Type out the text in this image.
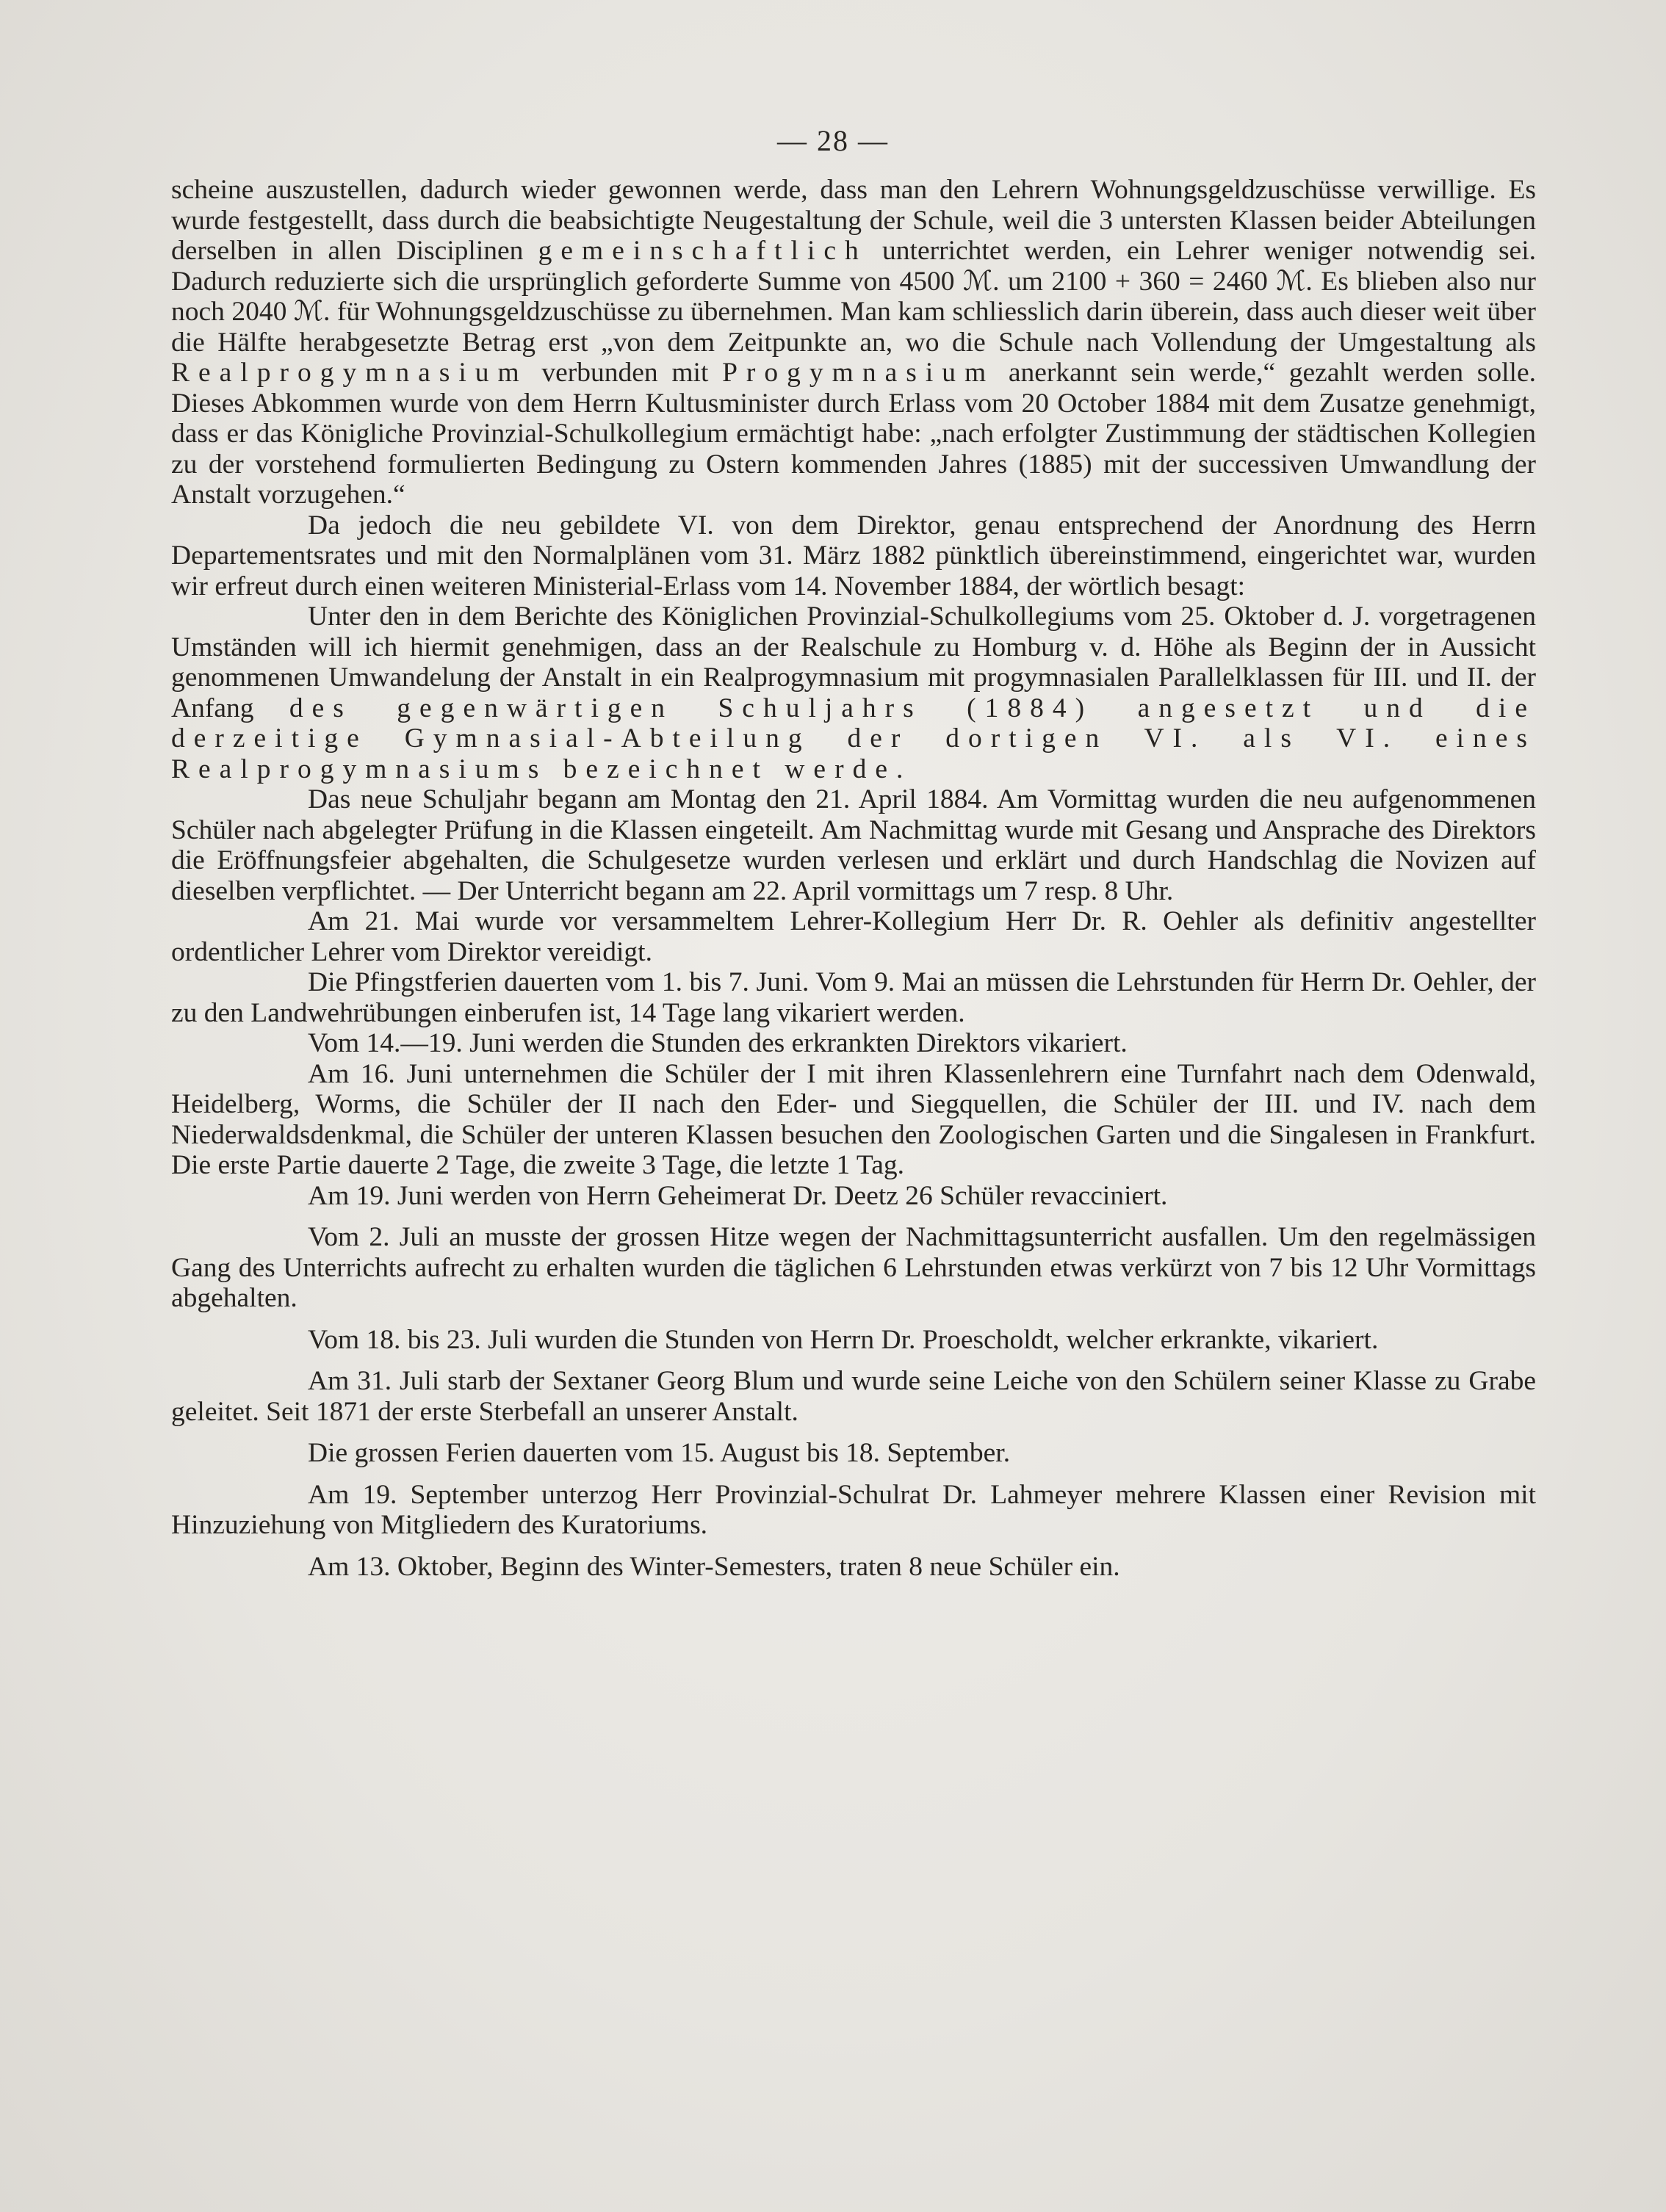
— 28 —

scheine auszustellen, dadurch wieder gewonnen werde, dass man den Lehrern Wohnungsgeldzuschüsse verwillige. Es wurde festgestellt, dass durch die beabsichtigte Neugestaltung der Schule, weil die 3 untersten Klassen beider Abteilungen derselben in allen Disciplinen gemeinschaftlich unterrichtet werden, ein Lehrer weniger notwendig sei. Dadurch reduzierte sich die ursprünglich geforderte Summe von 4500 ℳ. um 2100 + 360 = 2460 ℳ. Es blieben also nur noch 2040 ℳ. für Wohnungsgeldzuschüsse zu übernehmen. Man kam schliesslich darin überein, dass auch dieser weit über die Hälfte herabgesetzte Betrag erst „von dem Zeitpunkte an, wo die Schule nach Vollendung der Umgestaltung als Realprogymnasium verbunden mit Progymnasium anerkannt sein werde,“ gezahlt werden solle. Dieses Abkommen wurde von dem Herrn Kultusminister durch Erlass vom 20 October 1884 mit dem Zusatze genehmigt, dass er das Königliche Provinzial-Schulkollegium ermächtigt habe: „nach erfolgter Zustimmung der städtischen Kollegien zu der vorstehend formulierten Bedingung zu Ostern kommenden Jahres (1885) mit der successiven Umwandlung der Anstalt vorzugehen.“

Da jedoch die neu gebildete VI. von dem Direktor, genau entsprechend der Anordnung des Herrn Departementsrates und mit den Normalplänen vom 31. März 1882 pünktlich übereinstimmend, eingerichtet war, wurden wir erfreut durch einen weiteren Ministerial-Erlass vom 14. November 1884, der wörtlich besagt:

Unter den in dem Berichte des Königlichen Provinzial-Schulkollegiums vom 25. Oktober d. J. vorgetragenen Umständen will ich hiermit genehmigen, dass an der Realschule zu Homburg v. d. Höhe als Beginn der in Aussicht genommenen Umwandelung der Anstalt in ein Realprogymnasium mit progymnasialen Parallelklassen für III. und II. der Anfang des gegenwärtigen Schuljahrs (1884) angesetzt und die derzeitige Gymnasial-Abteilung der dortigen VI. als VI. eines Realprogymnasiums bezeichnet werde.

Das neue Schuljahr begann am Montag den 21. April 1884. Am Vormittag wurden die neu aufgenommenen Schüler nach abgelegter Prüfung in die Klassen eingeteilt. Am Nachmittag wurde mit Gesang und Ansprache des Direktors die Eröffnungsfeier abgehalten, die Schulgesetze wurden verlesen und erklärt und durch Handschlag die Novizen auf dieselben verpflichtet. — Der Unterricht begann am 22. April vormittags um 7 resp. 8 Uhr.

Am 21. Mai wurde vor versammeltem Lehrer-Kollegium Herr Dr. R. Oehler als definitiv angestellter ordentlicher Lehrer vom Direktor vereidigt.

Die Pfingstferien dauerten vom 1. bis 7. Juni. Vom 9. Mai an müssen die Lehrstunden für Herrn Dr. Oehler, der zu den Landwehrübungen einberufen ist, 14 Tage lang vikariert werden.

Vom 14.—19. Juni werden die Stunden des erkrankten Direktors vikariert.

Am 16. Juni unternehmen die Schüler der I mit ihren Klassenlehrern eine Turnfahrt nach dem Odenwald, Heidelberg, Worms, die Schüler der II nach den Eder- und Siegquellen, die Schüler der III. und IV. nach dem Niederwaldsdenkmal, die Schüler der unteren Klassen besuchen den Zoologischen Garten und die Singalesen in Frankfurt. Die erste Partie dauerte 2 Tage, die zweite 3 Tage, die letzte 1 Tag.

Am 19. Juni werden von Herrn Geheimerat Dr. Deetz 26 Schüler revacciniert.

Vom 2. Juli an musste der grossen Hitze wegen der Nachmittagsunterricht ausfallen. Um den regelmässigen Gang des Unterrichts aufrecht zu erhalten wurden die täglichen 6 Lehrstunden etwas verkürzt von 7 bis 12 Uhr Vormittags abgehalten.

Vom 18. bis 23. Juli wurden die Stunden von Herrn Dr. Proescholdt, welcher erkrankte, vikariert.

Am 31. Juli starb der Sextaner Georg Blum und wurde seine Leiche von den Schülern seiner Klasse zu Grabe geleitet. Seit 1871 der erste Sterbefall an unserer Anstalt.

Die grossen Ferien dauerten vom 15. August bis 18. September.

Am 19. September unterzog Herr Provinzial-Schulrat Dr. Lahmeyer mehrere Klassen einer Revision mit Hinzuziehung von Mitgliedern des Kuratoriums.

Am 13. Oktober, Beginn des Winter-Semesters, traten 8 neue Schüler ein.
